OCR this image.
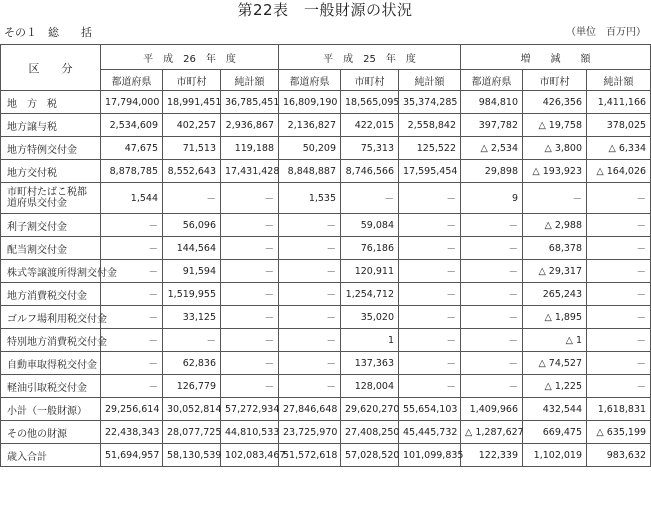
第22表　一般財源の状況
その１　総　　括	（単位　百万円）
区　　分	平　成　26　年　度			平　成　25　年　度			増　　減　　額		
	都道府県	市町村	純計額	都道府県	市町村	純計額	都道府県	市町村	純計額
地　方　税	17,794,000	18,991,451	36,785,451	16,809,190	18,565,095	35,374,285	984,810	426,356	1,411,166
地方譲与税	2,534,609	402,257	2,936,867	2,136,827	422,015	2,558,842	397,782	△ 19,758	378,025
地方特例交付金	47,675	71,513	119,188	50,209	75,313	125,522	△ 2,534	△ 3,800	△ 6,334
地方交付税	8,878,785	8,552,643	17,431,428	8,848,887	8,746,566	17,595,454	29,898	△ 193,923	△ 164,026
市町村たばこ税都道府県交付金	1,544	－	－	1,535	－	－	9	－	－
利子割交付金	－	56,096	－	－	59,084	－	－	△ 2,988	－
配当割交付金	－	144,564	－	－	76,186	－	－	68,378	－
株式等譲渡所得割交付金	－	91,594	－	－	120,911	－	－	△ 29,317	－
地方消費税交付金	－	1,519,955	－	－	1,254,712	－	－	265,243	－
ゴルフ場利用税交付金	－	33,125	－	－	35,020	－	－	△ 1,895	－
特別地方消費税交付金	－	－	－	－	1	－	－	△ 1	－
自動車取得税交付金	－	62,836	－	－	137,363	－	－	△ 74,527	－
軽油引取税交付金	－	126,779	－	－	128,004	－	－	△ 1,225	－
小計（一般財源）	29,256,614	30,052,814	57,272,934	27,846,648	29,620,270	55,654,103	1,409,966	432,544	1,618,831
その他の財源	22,438,343	28,077,725	44,810,533	23,725,970	27,408,250	45,445,732	△ 1,287,627	669,475	△ 635,199
歳入合計	51,694,957	58,130,539	102,083,467	51,572,618	57,028,520	101,099,835	122,339	1,102,019	983,632
